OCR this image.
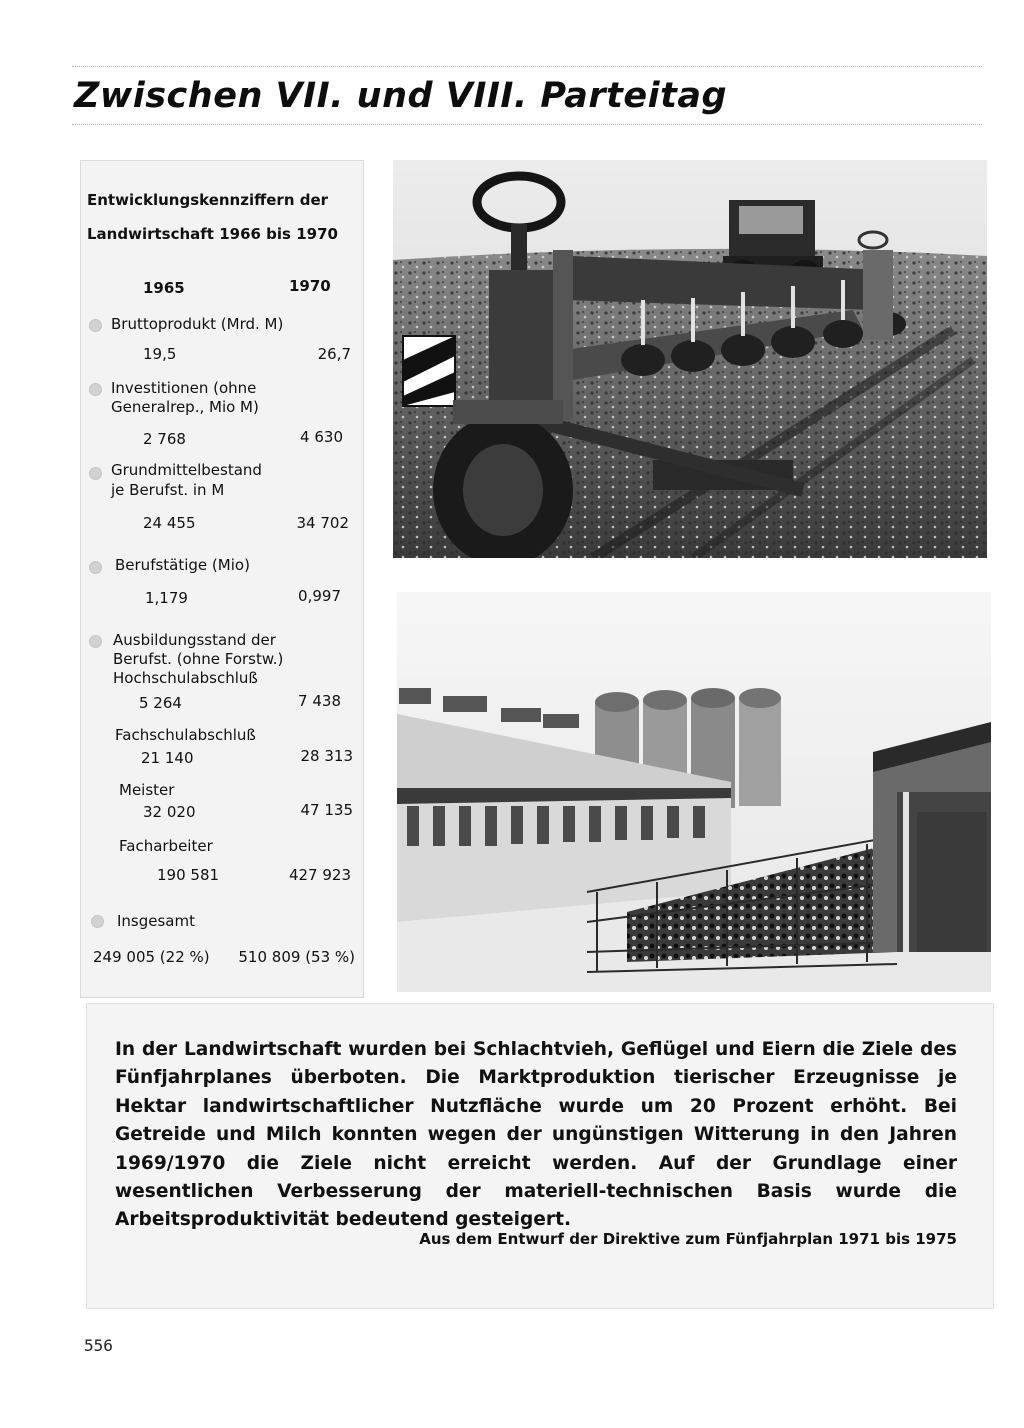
Zwischen VII. und VIII. Parteitag
Entwicklungskennziffern der
Landwirtschaft 1966 bis 1970
1965	1970
Bruttoprodukt (Mrd. M)
19,5	26,7
Investitionen (ohne
Generalrep., Mio M)
2 768	4 630
Grundmittelbestand
je Berufst. in M
24 455	34 702
Berufstätige (Mio)
1,179	0,997
Ausbildungsstand der
Berufst. (ohne Forstw.)
Hochschulabschluß
5 264	7 438
Fachschulabschluß
21 140	28 313
Meister
32 020	47 135
Facharbeiter
190 581	427 923
Insgesamt
249 005 (22 %) 510 809 (53 %)
In der Landwirtschaft wurden bei Schlachtvieh, Geflügel und Eiern die Ziele des Fünfjahrplanes überboten. Die Marktproduktion tierischer Erzeugnisse je Hektar landwirtschaftlicher Nutzfläche wurde um 20 Prozent erhöht. Bei Getreide und Milch konnten wegen der ungünstigen Witterung in den Jahren 1969/1970 die Ziele nicht erreicht werden. Auf der Grundlage einer wesentlichen Verbesserung der materiell-technischen Basis wurde die Arbeitsproduktivität bedeutend gesteigert.
Aus dem Entwurf der Direktive zum Fünfjahrplan 1971 bis 1975
556
